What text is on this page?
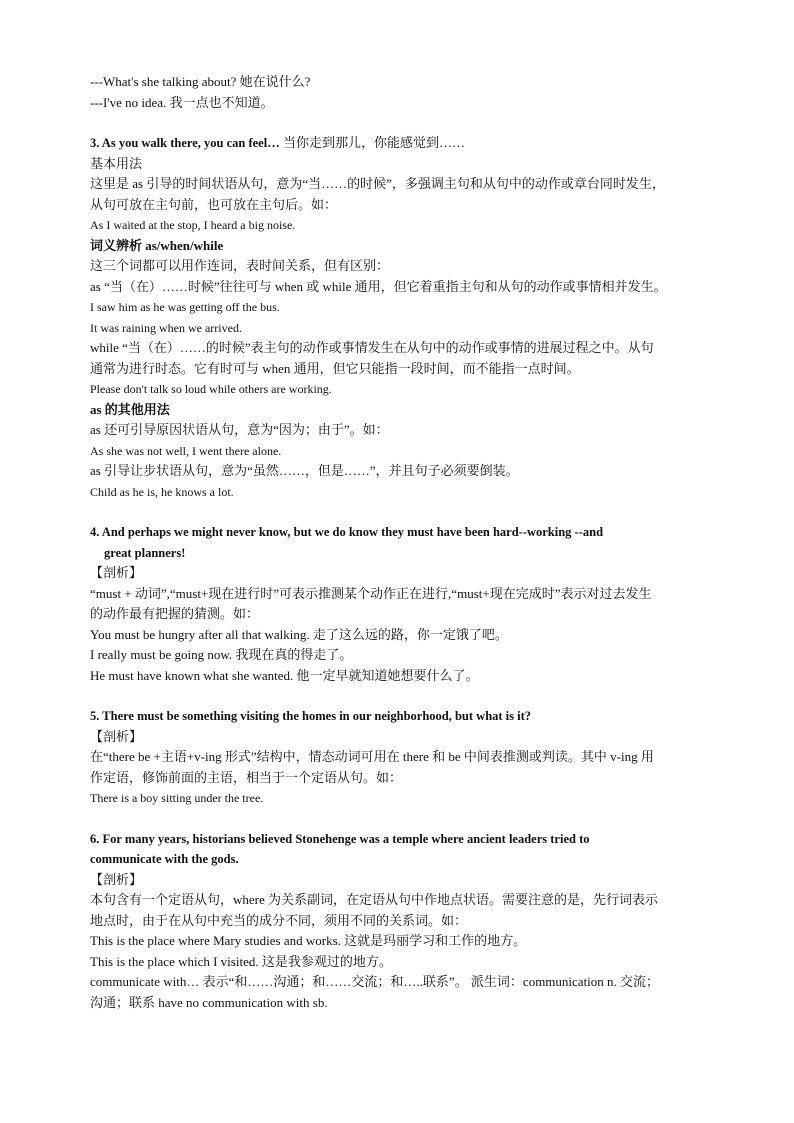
---What's she talking about? 她在说什么?
---I've no idea. 我一点也不知道。
3. As you walk there, you can feel… 当你走到那儿，你能感觉到……
基本用法
这里是 as 引导的时间状语从句，意为“当……的时候”，多强调主句和从句中的动作或章台同时发生，
从句可放在主句前，也可放在主句后。如：
As I waited at the stop, I heard a big noise.
词义辨析 as/when/while
这三个词都可以用作连词，表时间关系，但有区别：
as “当（在）……时候”往往可与 when 或 while 通用，但它着重指主句和从句的动作或事情相并发生。
I saw him as he was getting off the bus.
It was raining when we arrived.
while “当（在）……的时候”表主句的动作或事情发生在从句中的动作或事情的进展过程之中。从句
通常为进行时态。它有时可与 when 通用，但它只能指一段时间，而不能指一点时间。
Please don't talk so loud while others are working.
as 的其他用法
as 还可引导原因状语从句，意为“因为；由于”。如：
As she was not well, I went there alone.
as 引导让步状语从句，意为“虽然……，但是……”，并且句子必须要倒装。
Child as he is, he knows a lot.
4. And perhaps we might never know, but we do know they must have been hard--working --and
great planners!
【剖析】
“must + 动词”,“must+现在进行时”可表示推测某个动作正在进行,“must+现在完成时”表示对过去发生
的动作最有把握的猜测。如：
You must be hungry after all that walking. 走了这么远的路，你一定饿了吧。
I really must be going now. 我现在真的得走了。
He must have known what she wanted. 他一定早就知道她想要什么了。
5. There must be something visiting the homes in our neighborhood, but what is it?
【剖析】
在“there be +主语+v-ing 形式”结构中，情态动词可用在 there 和 be 中间表推测或判读。其中 v-ing 用
作定语，修饰前面的主语，相当于一个定语从句。如：
There is a boy sitting under the tree.
6. For many years, historians believed Stonehenge was a temple where ancient leaders tried to
communicate with the gods.
【剖析】
本句含有一个定语从句，where 为关系副词，在定语从句中作地点状语。需要注意的是，先行词表示
地点时，由于在从句中充当的成分不同，须用不同的关系词。如：
This is the place where Mary studies and works. 这就是玛丽学习和工作的地方。
This is the place which I visited. 这是我参观过的地方。
communicate with… 表示“和……沟通；和……交流；和…..联系”。 派生词：communication n. 交流；
沟通；联系 have no communication with sb.
